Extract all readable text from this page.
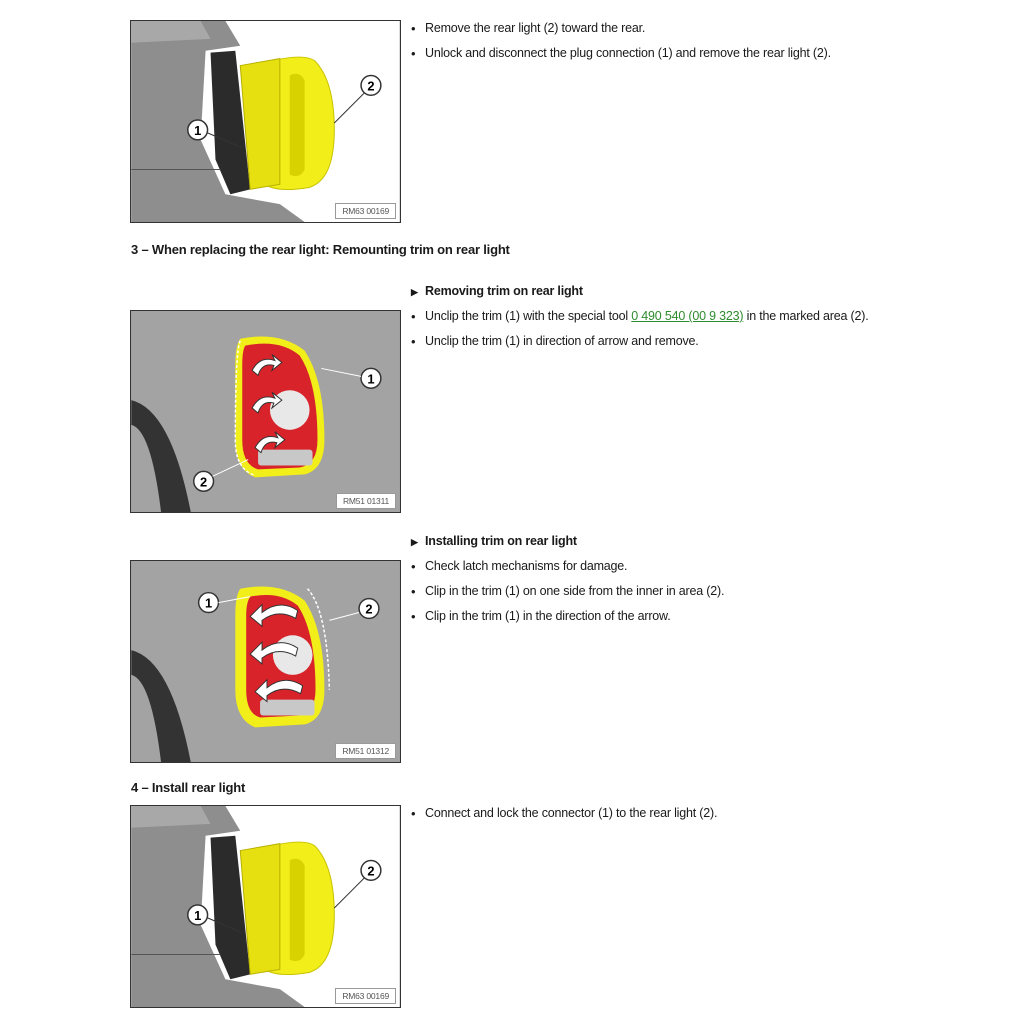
2
1
RM63 00169
• Remove the rear light (2) toward the rear.
• Unlock and disconnect the plug connection (1) and remove the rear light (2).
3 – When replacing the rear light: Remounting trim on rear light
1
2
RM51 01311
▶ Removing trim on rear light
• Unclip the trim (1) with the special tool 0 490 540 (00 9 323) in the marked area (2).
• Unclip the trim (1) in direction of arrow and remove.
1	2
RM51 01312
▶ Installing trim on rear light
• Check latch mechanisms for damage.
• Clip in the trim (1) on one side from the inner in area (2).
• Clip in the trim (1) in the direction of the arrow.
4 – Install rear light
2
1
RM63 00169
• Connect and lock the connector (1) to the rear light (2).
